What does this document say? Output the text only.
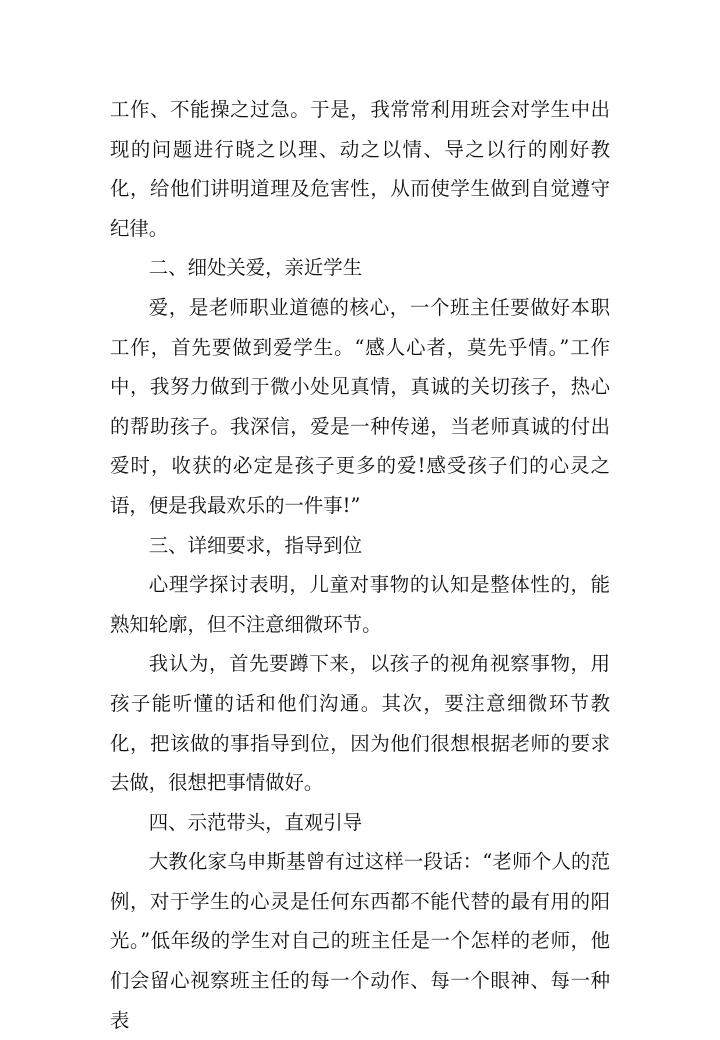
工作、不能操之过急。于是，我常常利用班会对学生中出现的问题进行晓之以理、动之以情、导之以行的刚好教化，给他们讲明道理及危害性，从而使学生做到自觉遵守纪律。

二、细处关爱，亲近学生

爱，是老师职业道德的核心，一个班主任要做好本职工作，首先要做到爱学生。“感人心者，莫先乎情。”工作中，我努力做到于微小处见真情，真诚的关切孩子，热心的帮助孩子。我深信，爱是一种传递，当老师真诚的付出爱时，收获的必定是孩子更多的爱!感受孩子们的心灵之语，便是我最欢乐的一件事!”

三、详细要求，指导到位

心理学探讨表明，儿童对事物的认知是整体性的，能熟知轮廓，但不注意细微环节。

我认为，首先要蹲下来，以孩子的视角视察事物，用孩子能听懂的话和他们沟通。其次，要注意细微环节教化，把该做的事指导到位，因为他们很想根据老师的要求去做，很想把事情做好。

四、示范带头，直观引导

大教化家乌申斯基曾有过这样一段话：“老师个人的范例，对于学生的心灵是任何东西都不能代替的最有用的阳光。”低年级的学生对自己的班主任是一个怎样的老师，他们会留心视察班主任的每一个动作、每一个眼神、每一种表
